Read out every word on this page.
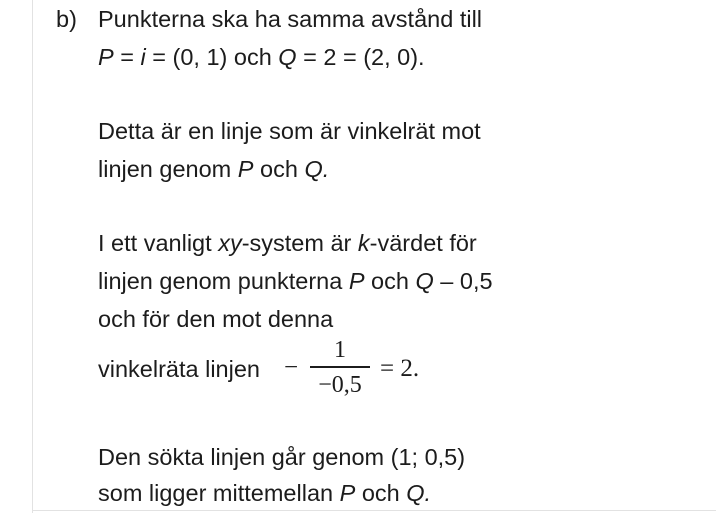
b) Punkterna ska ha samma avstånd till
P = i = (0, 1) och Q = 2 = (2, 0).
Detta är en linje som är vinkelrät mot
linjen genom P och Q.
I ett vanligt xy-system är k-värdet för
linjen genom punkterna P och Q – 0,5
och för den mot denna
vinkelräta linjen −
1
−0,5
= 2.
Den sökta linjen går genom (1; 0,5)
som ligger mittemellan P och Q.
